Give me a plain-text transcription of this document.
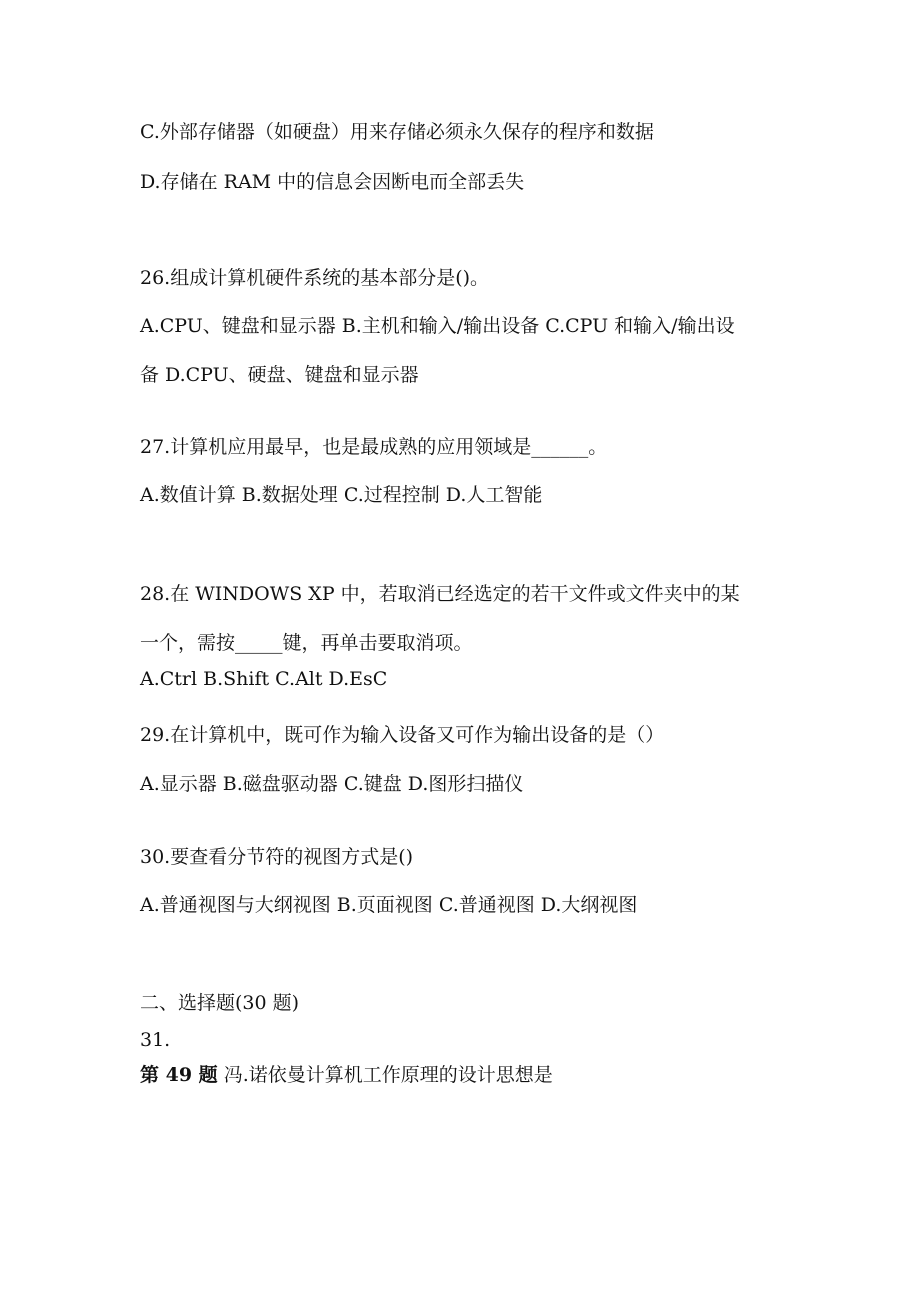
C.外部存储器（如硬盘）用来存储必须永久保存的程序和数据
D.存储在 RAM 中的信息会因断电而全部丢失
26.组成计算机硬件系统的基本部分是()。
A.CPU、键盘和显示器 B.主机和输入/输出设备 C.CPU 和输入/输出设
备 D.CPU、硬盘、键盘和显示器
27.计算机应用最早，也是最成熟的应用领域是______。
A.数值计算 B.数据处理 C.过程控制 D.人工智能
28.在 WINDOWS XP 中，若取消已经选定的若干文件或文件夹中的某
一个，需按_____键，再单击要取消项。
A.Ctrl B.Shift C.Alt D.EsC
29.在计算机中，既可作为输入设备又可作为输出设备的是（）
A.显示器 B.磁盘驱动器 C.键盘 D.图形扫描仪
30.要查看分节符的视图方式是()
A.普通视图与大纲视图 B.页面视图 C.普通视图 D.大纲视图
二、选择题(30 题)
31.
第 49 题 冯.诺依曼计算机工作原理的设计思想是
